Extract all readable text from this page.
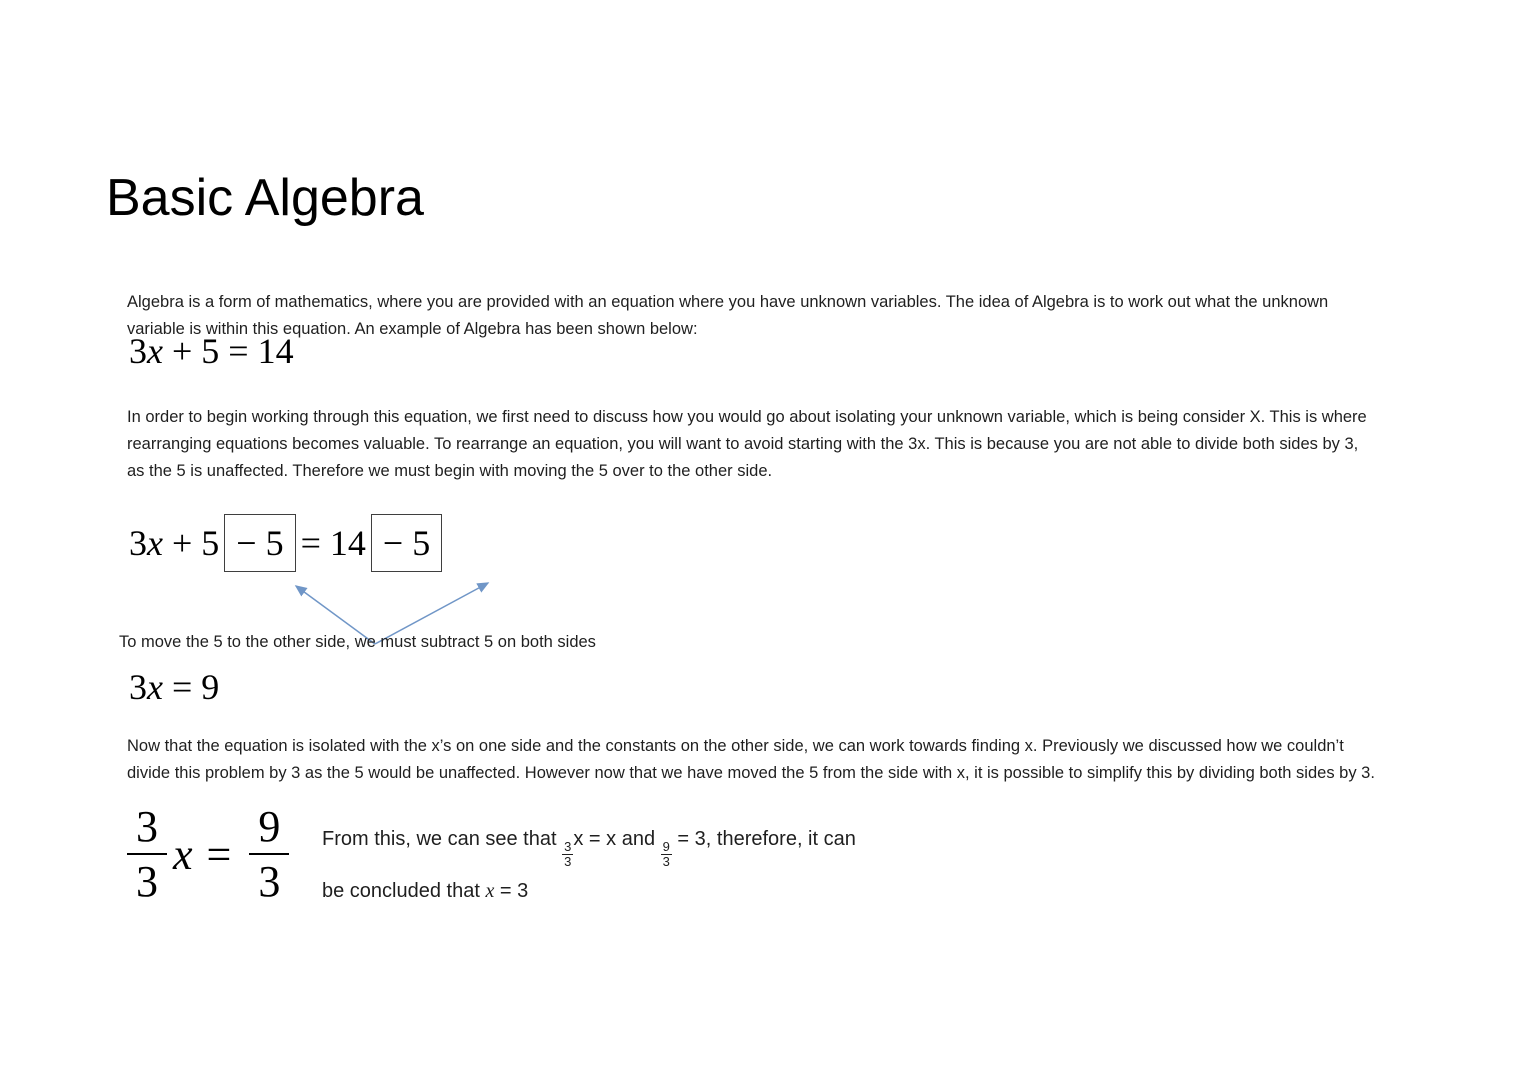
Basic Algebra

Algebra is a form of mathematics, where you are provided with an equation where you have unknown variables. The idea of Algebra is to work out what the unknown variable is within this equation. An example of Algebra has been shown below:

3x + 5 = 14

In order to begin working through this equation, we first need to discuss how you would go about isolating your unknown variable, which is being consider X. This is where rearranging equations becomes valuable. To rearrange an equation, you will want to avoid starting with the 3x. This is because you are not able to divide both sides by 3, as the 5 is unaffected. Therefore we must begin with moving the 5 over to the other side.

3 x + 5 − 5 = 14 − 5
To move the 5 to the other side, we must subtract 5 on both sides
3x = 9

Now that the equation is isolated with the x’s on one side and the constants on the other side, we can work towards finding x. Previously we discussed how we couldn’t divide this problem by 3 as the 5 would be unaffected. However now that we have moved the 5 from the side with x, it is possible to simplify this by dividing both sides by 3.

$\frac{3}{3}$ $x = \frac{9}{3}$ From this, we can see that
$\frac{3}{3}$
x = x and
$\frac{9}{3}$
= 3, therefore, it can
be concluded that x = 3
